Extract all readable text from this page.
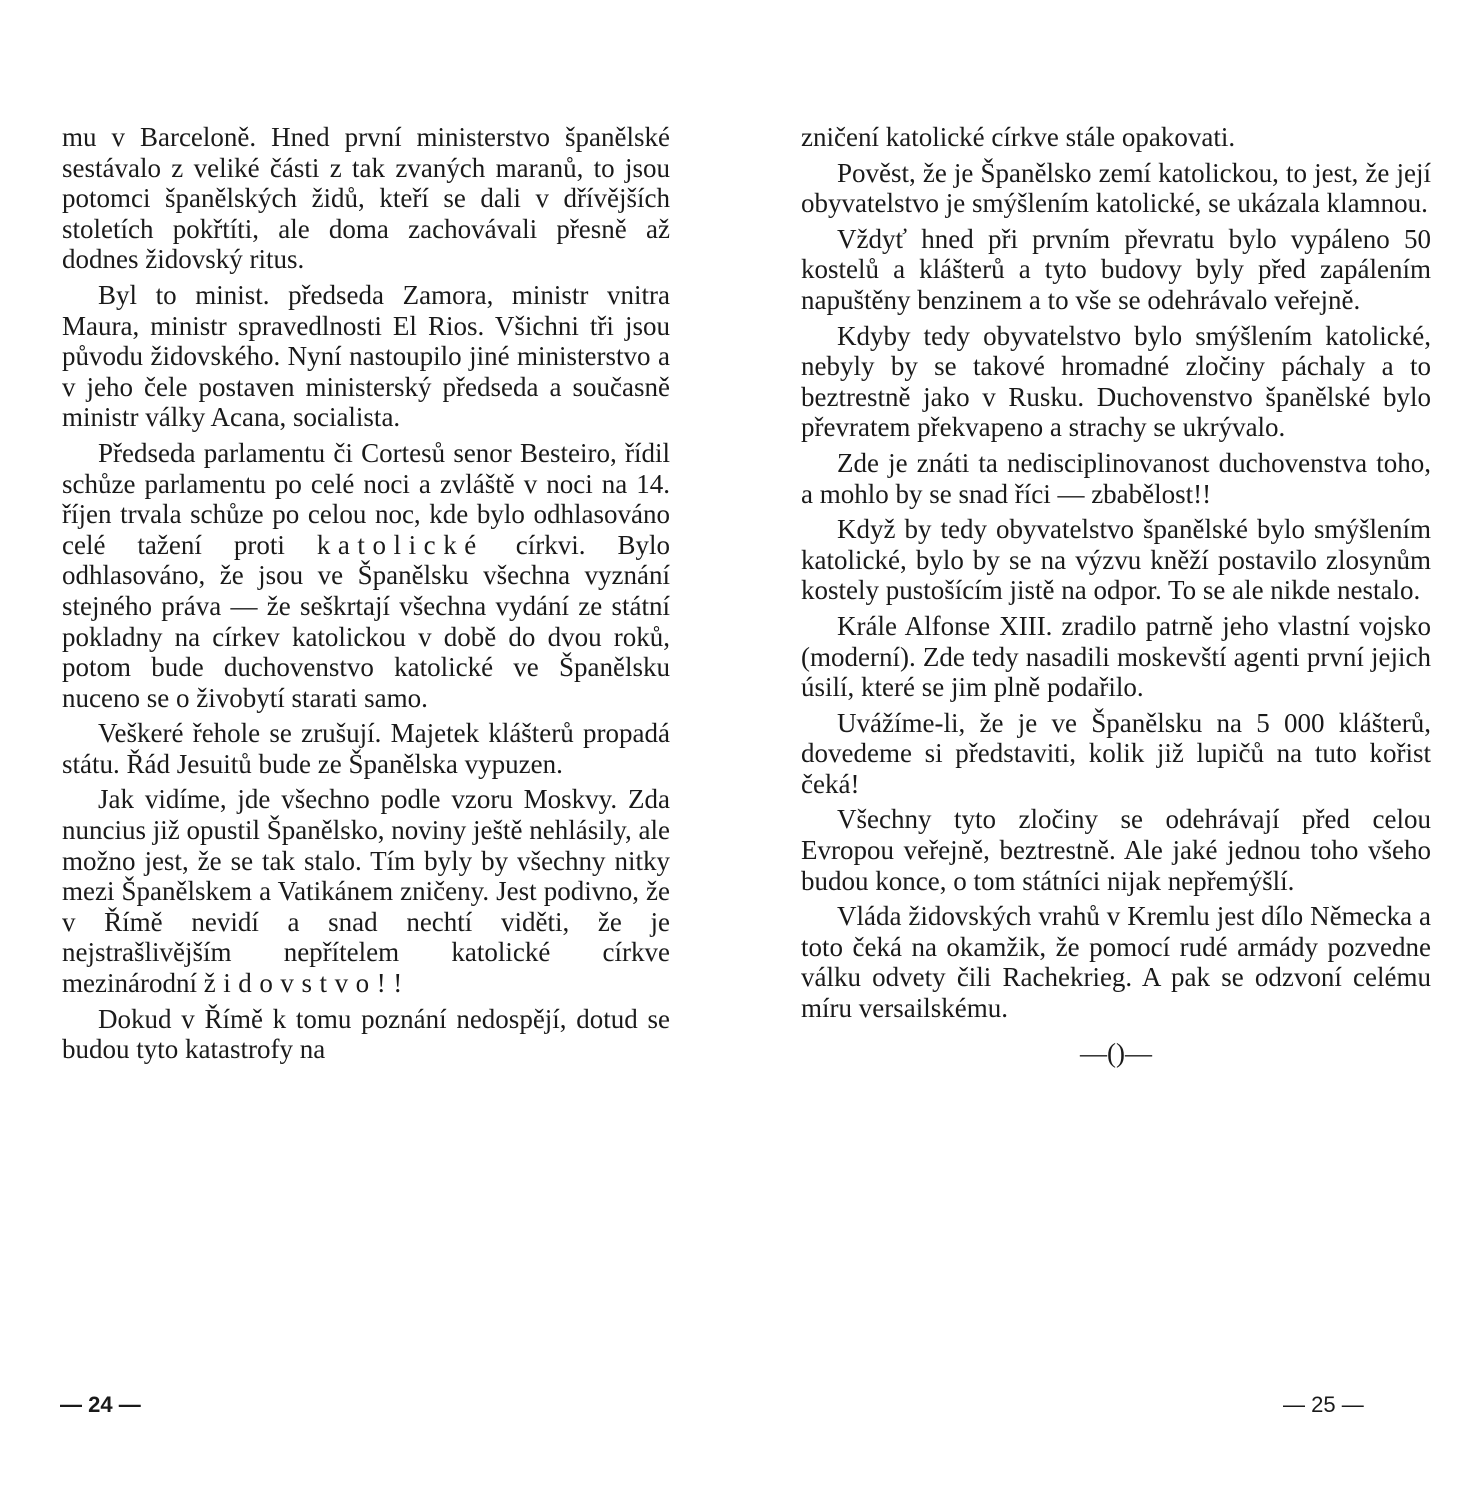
mu v Barceloně. Hned první ministerstvo španělské sestávalo z veliké části z tak zvaných maranů, to jsou potomci španělských židů, kteří se dali v dřívějších stoletích pokřtíti, ale doma zachovávali přesně až dodnes židovský ritus.

Byl to minist. předseda Zamora, ministr vnitra Maura, ministr spravedlnosti El Rios. Všichni tři jsou původu židovského. Nyní nastoupilo jiné ministerstvo a v jeho čele postaven ministerský předseda a současně ministr války Acana, socialista.

Předseda parlamentu či Cortesů senor Besteiro, řídil schůze parlamentu po celé noci a zvláště v noci na 14. říjen trvala schůze po celou noc, kde bylo odhlasováno celé tažení proti katolické církvi. Bylo odhlasováno, že jsou ve Španělsku všechna vyznání stejného práva — že seškrtají všechna vydání ze státní pokladny na církev katolickou v době do dvou roků, potom bude duchovenstvo katolické ve Španělsku nuceno se o živobytí starati samo.

Veškeré řehole se zrušují. Majetek klášterů propadá státu. Řád Jesuitů bude ze Španělska vypuzen.

Jak vidíme, jde všechno podle vzoru Moskvy. Zda nuncius již opustil Španělsko, noviny ještě nehlásily, ale možno jest, že se tak stalo. Tím byly by všechny nitky mezi Španělskem a Vatikánem zničeny. Jest podivno, že v Římě nevidí a snad nechtí viděti, že je nejstrašlivějším nepřítelem katolické církve mezinárodní židovstvo!!

Dokud v Římě k tomu poznání nedospějí, dotud se budou tyto katastrofy na

— 24 —

zničení katolické církve stále opakovati.

Pověst, že je Španělsko zemí katolickou, to jest, že její obyvatelstvo je smýšlením katolické, se ukázala klamnou.

Vždyť hned při prvním převratu bylo vypáleno 50 kostelů a klášterů a tyto budovy byly před zapálením napuštěny benzinem a to vše se odehrávalo veřejně.

Kdyby tedy obyvatelstvo bylo smýšlením katolické, nebyly by se takové hromadné zločiny páchaly a to beztrestně jako v Rusku. Duchovenstvo španělské bylo převratem překvapeno a strachy se ukrývalo.

Zde je znáti ta nedisciplinovanost duchovenstva toho, a mohlo by se snad říci — zbabělost!!

Když by tedy obyvatelstvo španělské bylo smýšlením katolické, bylo by se na výzvu kněží postavilo zlosynům kostely pustošícím jistě na odpor. To se ale nikde nestalo.

Krále Alfonse XIII. zradilo patrně jeho vlastní vojsko (moderní). Zde tedy nasadili moskevští agenti první jejich úsilí, které se jim plně podařilo.

Uvážíme-li, že je ve Španělsku na 5 000 klášterů, dovedeme si představiti, kolik již lupičů na tuto kořist čeká!

Všechny tyto zločiny se odehrávají před celou Evropou veřejně, beztrestně. Ale jaké jednou toho všeho budou konce, o tom státníci nijak nepřemýšlí.

Vláda židovských vrahů v Kremlu jest dílo Německa a toto čeká na okamžik, že pomocí rudé armády pozvedne válku odvety čili Rachekrieg. A pak se odzvoní celému míru versailskému.

—()—
— 25 —
